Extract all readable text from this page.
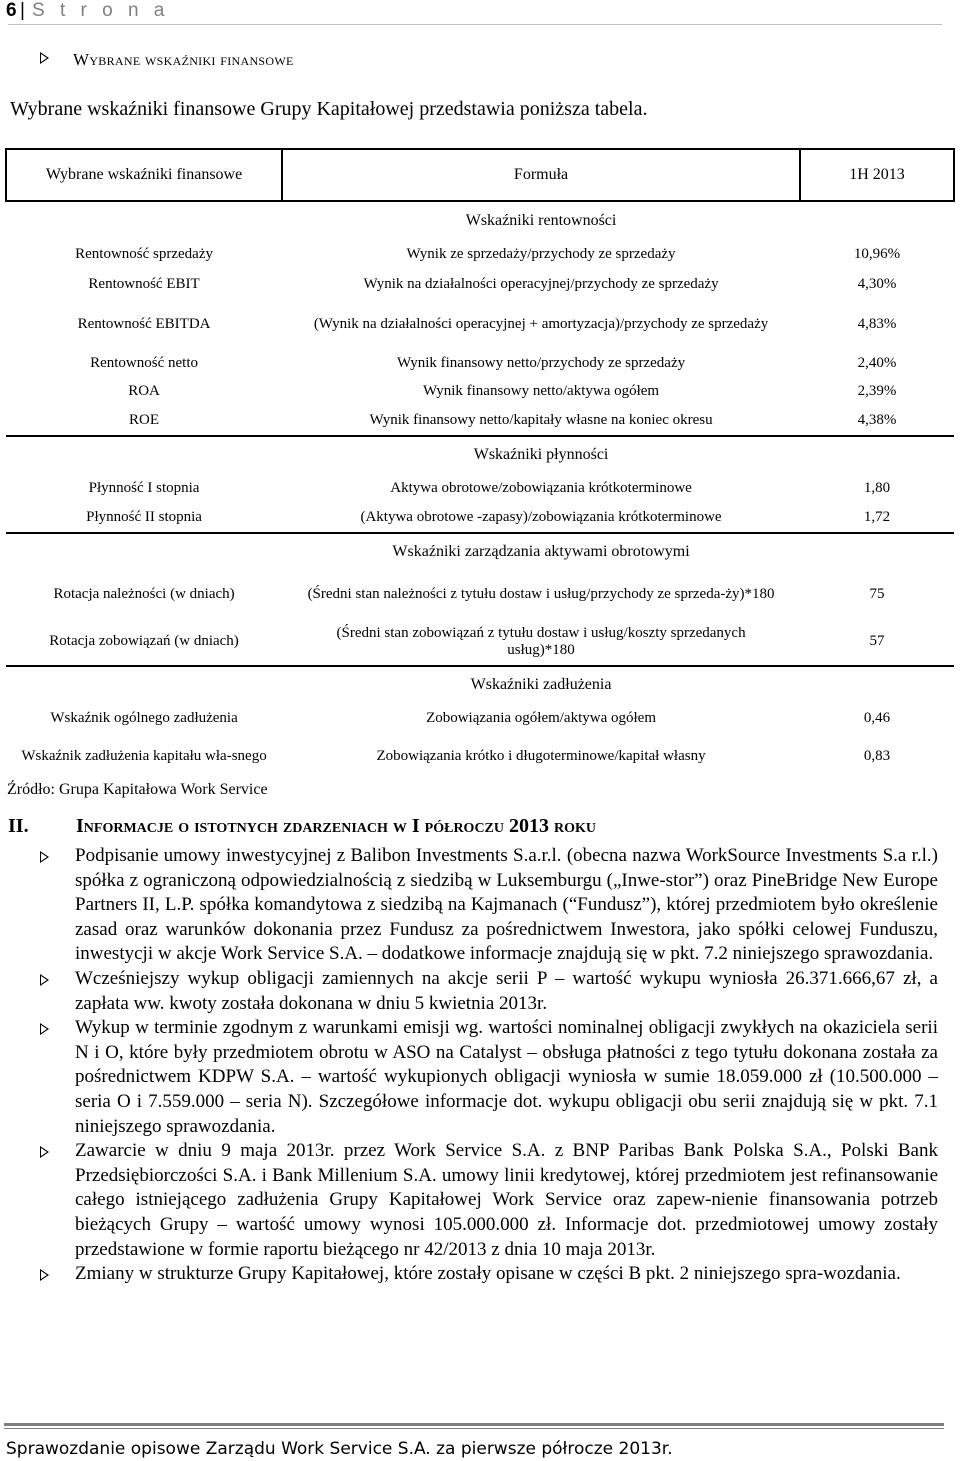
6 | S t r o n a
Wybrane wskaźniki finansowe
Wybrane wskaźniki finansowe Grupy Kapitałowej przedstawia poniższa tabela.
Wybrane wskaźniki finansowe	Formuła	1H 2013
	Wskaźniki rentowności	
Rentowność sprzedaży	Wynik ze sprzedaży/przychody ze sprzedaży	10,96%
Rentowność EBIT	Wynik na działalności operacyjnej/przychody ze sprzedaży	4,30%
Rentowność EBITDA	(Wynik na działalności operacyjnej + amortyzacja)/przychody ze sprzedaży	4,83%
Rentowność netto	Wynik finansowy netto/przychody ze sprzedaży	2,40%
ROA	Wynik finansowy netto/aktywa ogółem	2,39%
ROE	Wynik finansowy netto/kapitały własne na koniec okresu	4,38%
	Wskaźniki płynności	
Płynność I stopnia	Aktywa obrotowe/zobowiązania krótkoterminowe	1,80
Płynność II stopnia	(Aktywa obrotowe -zapasy)/zobowiązania krótkoterminowe	1,72
	Wskaźniki zarządzania aktywami obrotowymi	
Rotacja należności (w dniach)	(Średni stan należności z tytułu dostaw i usług/przychody ze sprzeda-ży)*180	75
Rotacja zobowiązań (w dniach)	(Średni stan zobowiązań z tytułu dostaw i usług/koszty sprzedanych usług)*180	57
	Wskaźniki zadłużenia	
Wskaźnik ogólnego zadłużenia	Zobowiązania ogółem/aktywa ogółem	0,46
Wskaźnik zadłużenia kapitału wła-snego	Zobowiązania krótko i długoterminowe/kapitał własny	0,83
Źródło: Grupa Kapitałowa Work Service		
II. Informacje o istotnych zdarzeniach w I półroczu 2013 roku
Podpisanie umowy inwestycyjnej z Balibon Investments S.a.r.l. (obecna nazwa WorkSource Investments S.a r.l.) spółka z ograniczoną odpowiedzialnością z siedzibą w Luksemburgu („Inwe-stor”) oraz PineBridge New Europe Partners II, L.P. spółka komandytowa z siedzibą na Kajmanach (“Fundusz”), której przedmiotem było określenie zasad oraz warunków dokonania przez Fundusz za pośrednictwem Inwestora, jako spółki celowej Funduszu, inwestycji w akcje Work Service S.A. – dodatkowe informacje znajdują się w pkt. 7.2 niniejszego sprawozdania.
Wcześniejszy wykup obligacji zamiennych na akcje serii P – wartość wykupu wyniosła 26.371.666,67 zł, a zapłata ww. kwoty została dokonana w dniu 5 kwietnia 2013r.
Wykup w terminie zgodnym z warunkami emisji wg. wartości nominalnej obligacji zwykłych na okaziciela serii N i O, które były przedmiotem obrotu w ASO na Catalyst – obsługa płatności z tego tytułu dokonana została za pośrednictwem KDPW S.A. – wartość wykupionych obligacji wyniosła w sumie 18.059.000 zł (10.500.000 – seria O i 7.559.000 – seria N). Szczegółowe informacje dot. wykupu obligacji obu serii znajdują się w pkt. 7.1 niniejszego sprawozdania.
Zawarcie w dniu 9 maja 2013r. przez Work Service S.A. z BNP Paribas Bank Polska S.A., Polski Bank Przedsiębiorczości S.A. i Bank Millenium S.A. umowy linii kredytowej, której przedmiotem jest refinansowanie całego istniejącego zadłużenia Grupy Kapitałowej Work Service oraz zapew-nienie finansowania potrzeb bieżących Grupy – wartość umowy wynosi 105.000.000 zł. Informacje dot. przedmiotowej umowy zostały przedstawione w formie raportu bieżącego nr 42/2013 z dnia 10 maja 2013r.
Zmiany w strukturze Grupy Kapitałowej, które zostały opisane w części B pkt. 2 niniejszego spra-wozdania.
Sprawozdanie opisowe Zarządu Work Service S.A. za pierwsze półrocze 2013r.
